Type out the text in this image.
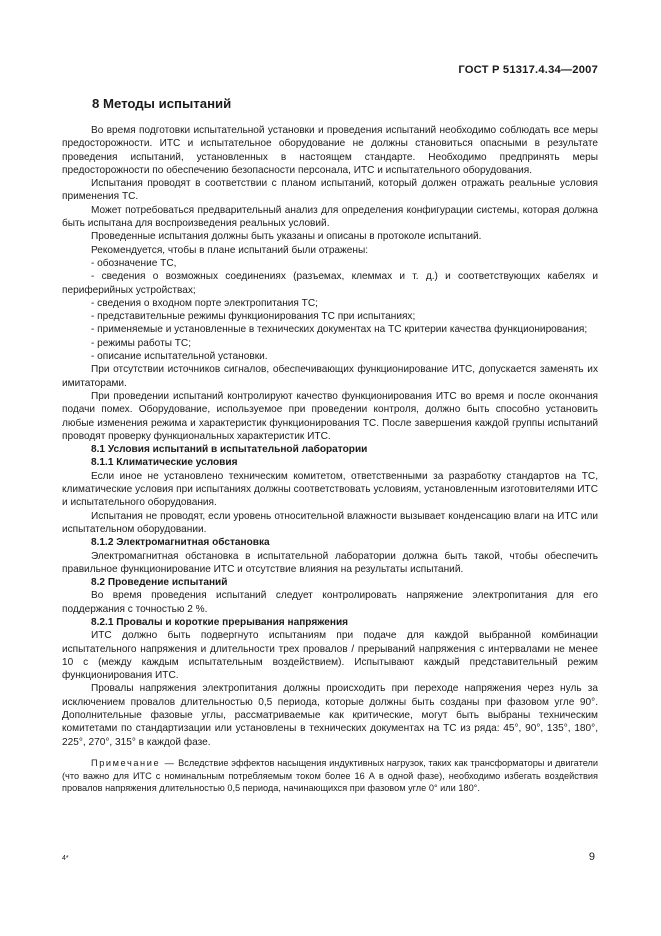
ГОСТ Р 51317.4.34—2007
8 Методы испытаний

Во время подготовки испытательной установки и проведения испытаний необходимо соблюдать все меры предосторожности. ИТС и испытательное оборудование не должны становиться опасными в результате проведения испытаний, установленных в настоящем стандарте. Необходимо предпринять меры предосторожности по обеспечению безопасности персонала, ИТС и испытательного оборудования.

Испытания проводят в соответствии с планом испытаний, который должен отражать реальные условия применения ТС.

Может потребоваться предварительный анализ для определения конфигурации системы, которая должна быть испытана для воспроизведения реальных условий.

Проведенные испытания должны быть указаны и описаны в протоколе испытаний.

Рекомендуется, чтобы в плане испытаний были отражены:

- обозначение ТС,

- сведения о возможных соединениях (разъемах, клеммах и т. д.) и соответствующих кабелях и периферийных устройствах;

- сведения о входном порте электропитания ТС;

- представительные режимы функционирования ТС при испытаниях;

- применяемые и установленные в технических документах на ТС критерии качества функционирования;

- режимы работы ТС;

- описание испытательной установки.

При отсутствии источников сигналов, обеспечивающих функционирование ИТС, допускается заменять их имитаторами.

При проведении испытаний контролируют качество функционирования ИТС во время и после окончания подачи помех. Оборудование, используемое при проведении контроля, должно быть способно установить любые изменения режима и характеристик функционирования ТС. После завершения каждой группы испытаний проводят проверку функциональных характеристик ИТС.

8.1 Условия испытаний в испытательной лаборатории

8.1.1 Климатические условия

Если иное не установлено техническим комитетом, ответственными за разработку стандартов на ТС, климатические условия при испытаниях должны соответствовать условиям, установленным изготовителями ИТС и испытательного оборудования.

Испытания не проводят, если уровень относительной влажности вызывает конденсацию влаги на ИТС или испытательном оборудовании.

8.1.2 Электромагнитная обстановка

Электромагнитная обстановка в испытательной лаборатории должна быть такой, чтобы обеспечить правильное функционирование ИТС и отсутствие влияния на результаты испытаний.

8.2 Проведение испытаний

Во время проведения испытаний следует контролировать напряжение электропитания для его поддержания с точностью 2 %.

8.2.1 Провалы и короткие прерывания напряжения

ИТС должно быть подвергнуто испытаниям при подаче для каждой выбранной комбинации испытательного напряжения и длительности трех провалов / прерываний напряжения с интервалами не менее 10 с (между каждым испытательным воздействием). Испытывают каждый представительный режим функционирования ИТС.

Провалы напряжения электропитания должны происходить при переходе напряжения через нуль за исключением провалов длительностью 0,5 периода, которые должны быть созданы при фазовом угле 90°. Дополнительные фазовые углы, рассматриваемые как критические, могут быть выбраны техническим комитетами по стандартизации или установлены в технических документах на ТС из ряда: 45°, 90°, 135°, 180°, 225°, 270°, 315° в каждой фазе.

Примечание — Вследствие эффектов насыщения индуктивных нагрузок, таких как трансформаторы и двигатели (что важно для ИТС с номинальным потребляемым током более 16 А в одной фазе), необходимо избегать воздействия провалов напряжения длительностью 0,5 периода, начинающихся при фазовом угле 0° или 180°.

4*	9
